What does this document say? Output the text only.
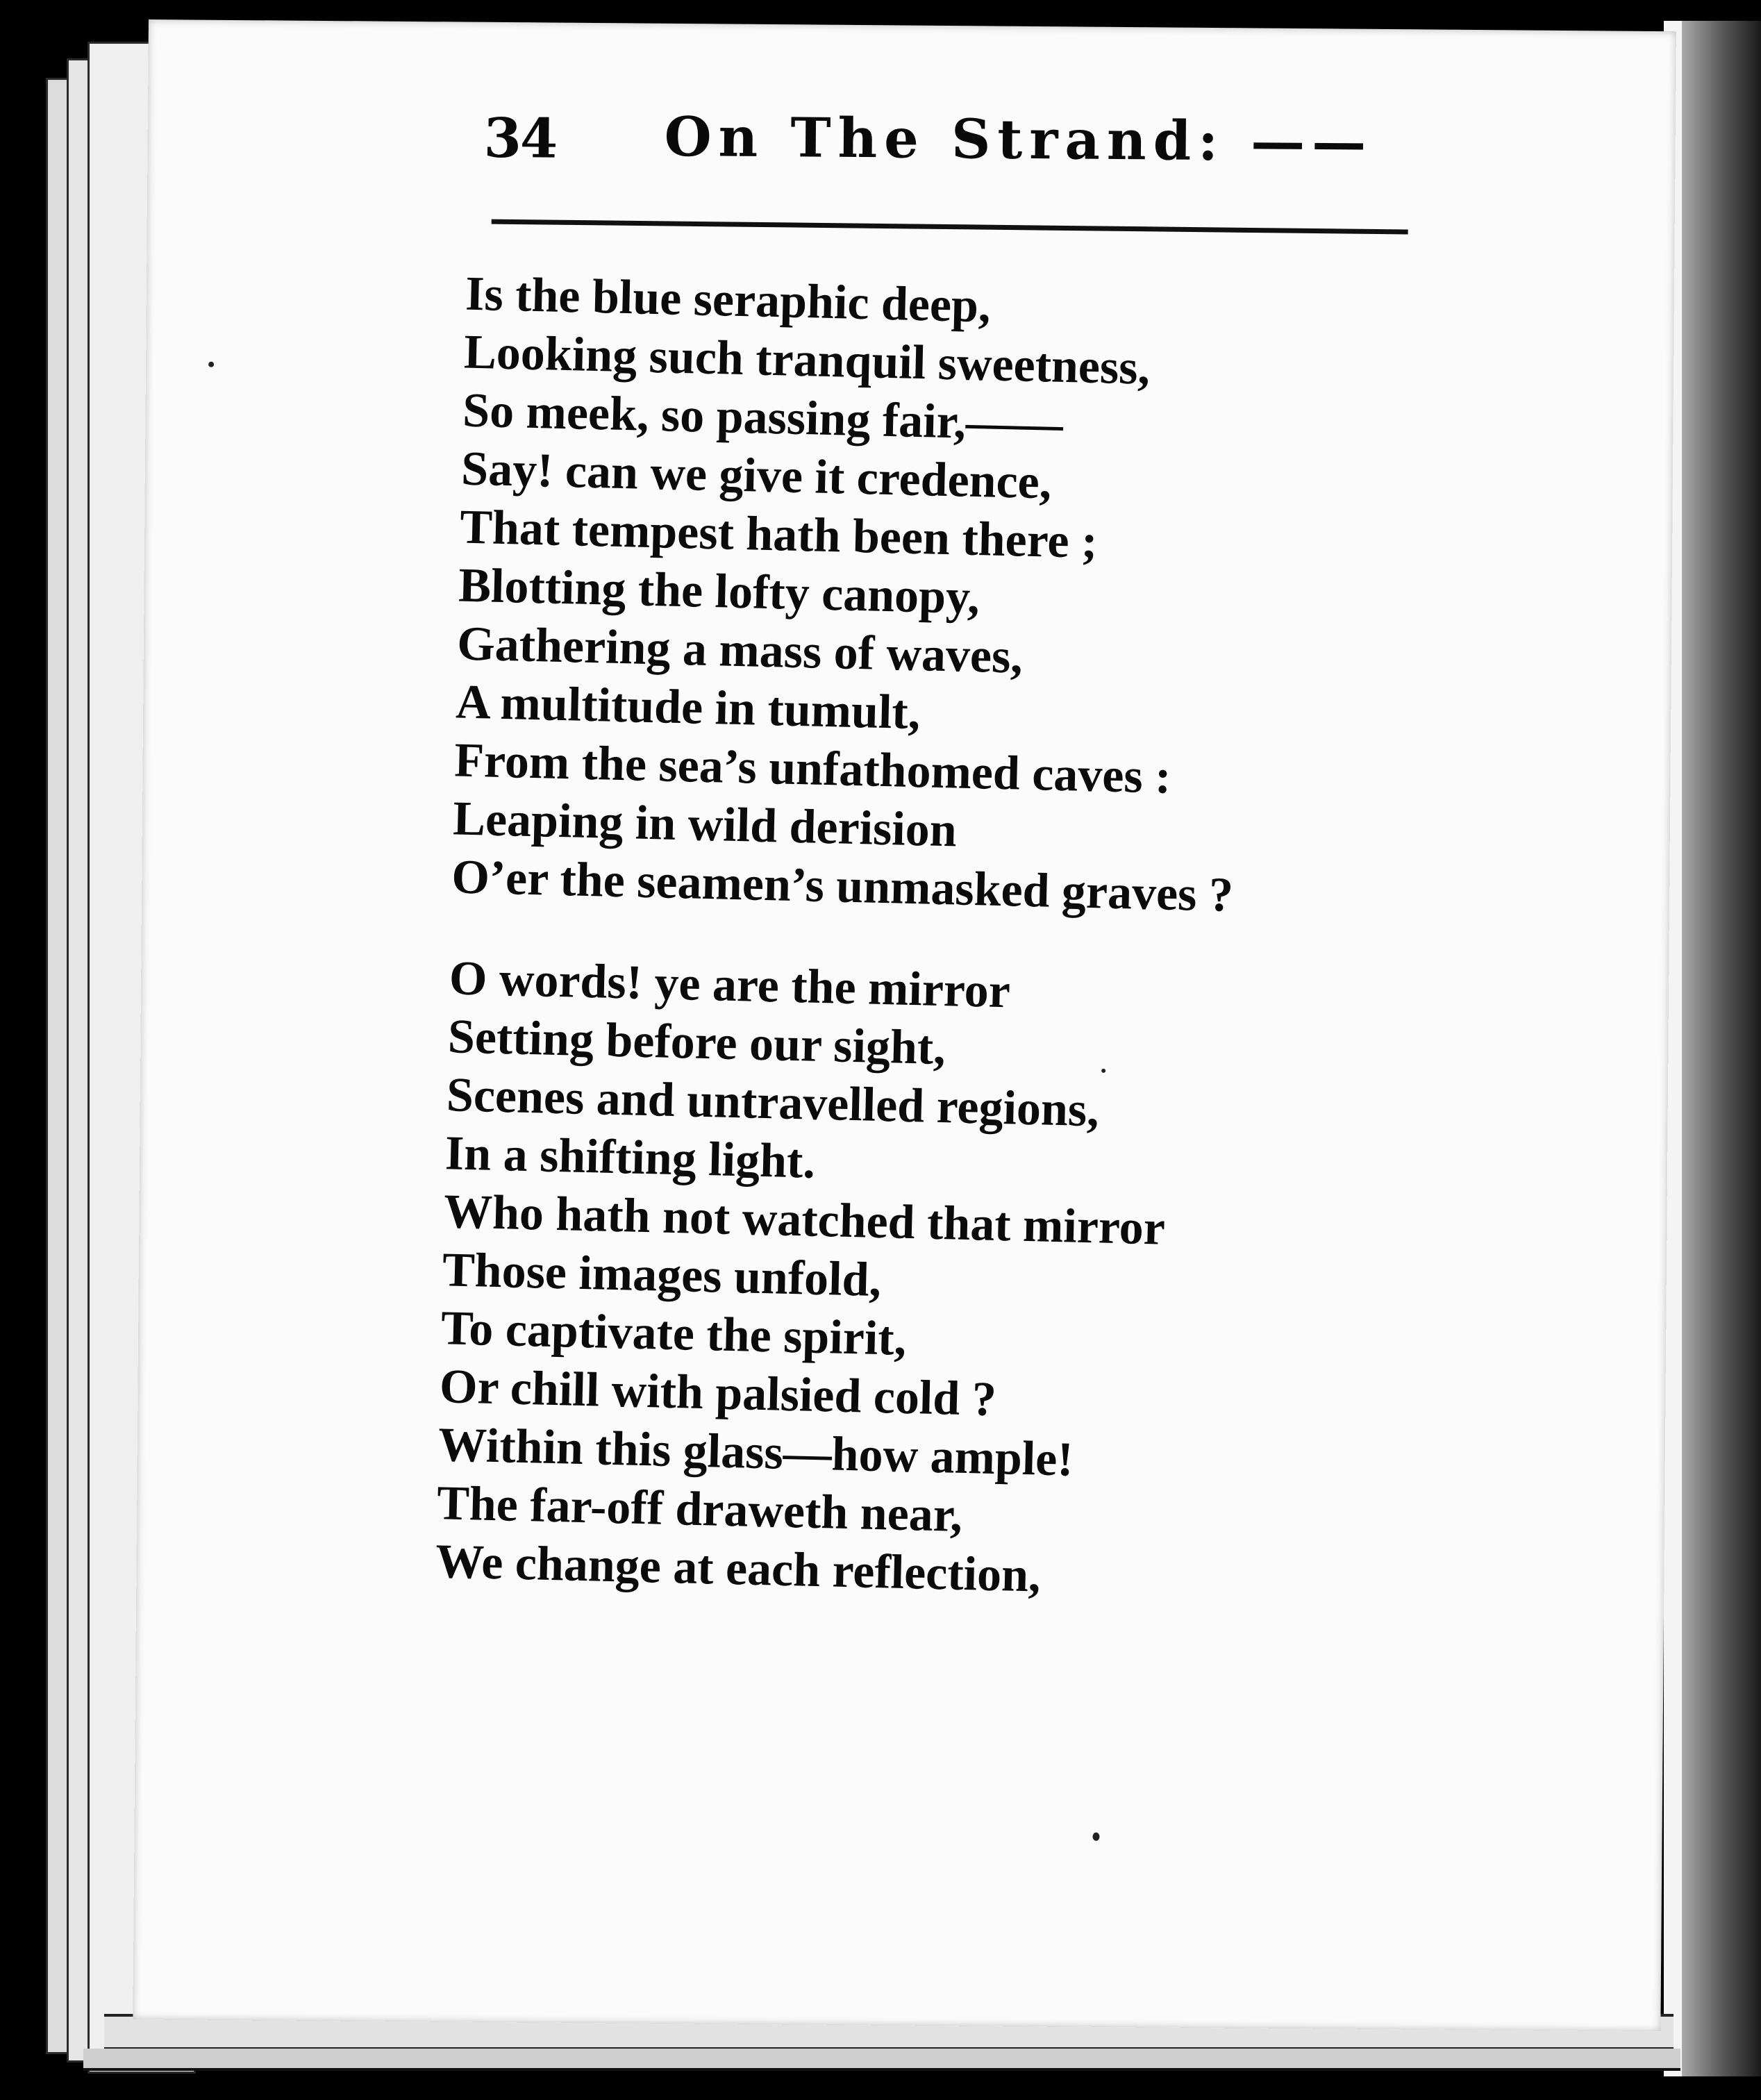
34 On The Strand: ——
Is the blue seraphic deep,
Looking such tranquil sweetness,
So meek, so passing fair,——
Say! can we give it credence,
That tempest hath been there ;
Blotting the lofty canopy,
Gathering a mass of waves,
A multitude in tumult,
From the sea’s unfathomed caves :
Leaping in wild derision
O’er the seamen’s unmasked graves ?
O words! ye are the mirror
Setting before our sight,
Scenes and untravelled regions,
In a shifting light.
Who hath not watched that mirror
Those images unfold,
To captivate the spirit,
Or chill with palsied cold ?
Within this glass—how ample!
The far-off draweth near,
We change at each reflection,
